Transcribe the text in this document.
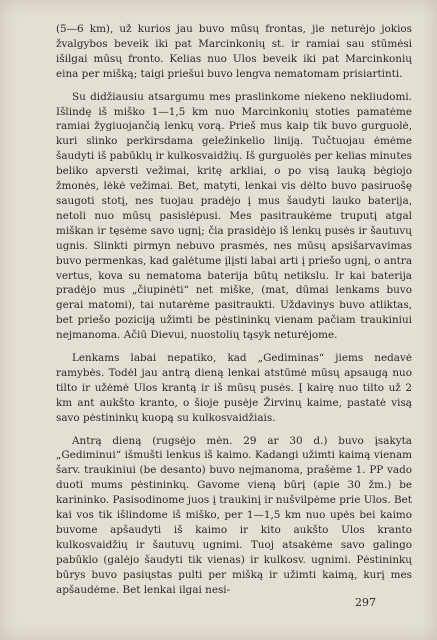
(5—6 km), už kurios jau buvo mūsų frontas, jie neturėjo jokios žvalgybos beveik iki pat Marcinkonių st. ir ramiai sau stūmėsi išilgai mūsų fronto. Kelias nuo Ulos beveik iki pat Marcinkonių eina per mišką; taigi priešui buvo lengva nematomam prisiartinti.

Su didžiausiu atsargumu mes praslinkome niekeno nekliudomi. Išlindę iš miško 1—1,5 km nuo Marcinkonių stoties pamatėme ramiai žygiuojančią lenkų vorą. Prieš mus kaip tik buvo gurguolė, kuri slinko perkirsdama geležinkelio liniją. Tučtuojau ėmėme šaudyti iš pabūklų ir kulkosvaidžių. Iš gurguolės per kelias minutes beliko apversti vežimai, kritę arkliai, o po visą lauką bėgiojo žmonės, lėkė vežimai. Bet, matyti, lenkai vis dėlto buvo pasiruošę saugoti stotį, nes tuojau pradėjo į mus šaudyti lauko baterija, netoli nuo mūsų pasislėpusi. Mes pasitraukėme truputį atgal miškan ir tęsėme savo ugnį; čia prasidėjo iš lenkų pusės ir šautuvų ugnis. Slinkti pirmyn nebuvo prasmės, nes mūsų apsišarvavimas buvo permenkas, kad galėtume įlįsti labai arti į priešo ugnį, o antra vertus, kova su nematoma baterija būtų netikslu. Ir kai baterija pradėjo mus „čiupinėti“ net miške, (mat, dūmai lenkams buvo gerai matomi), tai nutarėme pasitraukti. Uždavinys buvo atliktas, bet priešo poziciją užimti be pėstininkų vienam pačiam traukiniui nejmanoma. Ačiū Dievui, nuostolių tąsyk neturėjome.

Lenkams labai nepatiko, kad „Gediminas“ jiems nedavė ramybės. Todėl jau antrą dieną lenkai atstūmė mūsų apsaugą nuo tilto ir užėmė Ulos krantą ir iš mūsų pusės. Į kairę nuo tilto už 2 km ant aukšto kranto, o šioje pusėje Žirvinų kaime, pastatė visą savo pėstininkų kuopą su kulkosvaidžiais.

Antrą dieną (rugsėjo mėn. 29 ar 30 d.) buvo įsakyta „Gediminui“ išmušti lenkus iš kaimo. Kadangi užimti kaimą vienam šarv. traukiniui (be desanto) buvo nejmanoma, prašėme 1. PP vado duoti mums pėstininkų. Gavome vieną būrį (apie 30 žm.) be karininko. Pasisodinome juos į traukinį ir nušvilpėme prie Ulos. Bet kai vos tik išlindome iš miško, per 1—1,5 km nuo upės bei kaimo buvome apšaudyti iš kaimo ir kito aukšto Ulos kranto kulkosvaidžių ir šautuvų ugnimi. Tuoj atsakėme savo galingo pabūklo (galėjo šaudyti tik vienas) ir kulkosv. ugnimi. Pėstininkų būrys buvo pasiųstas pulti per mišką ir užimti kaimą, kurį mes apšaudėme. Bet lenkai ilgai nesi-

297
